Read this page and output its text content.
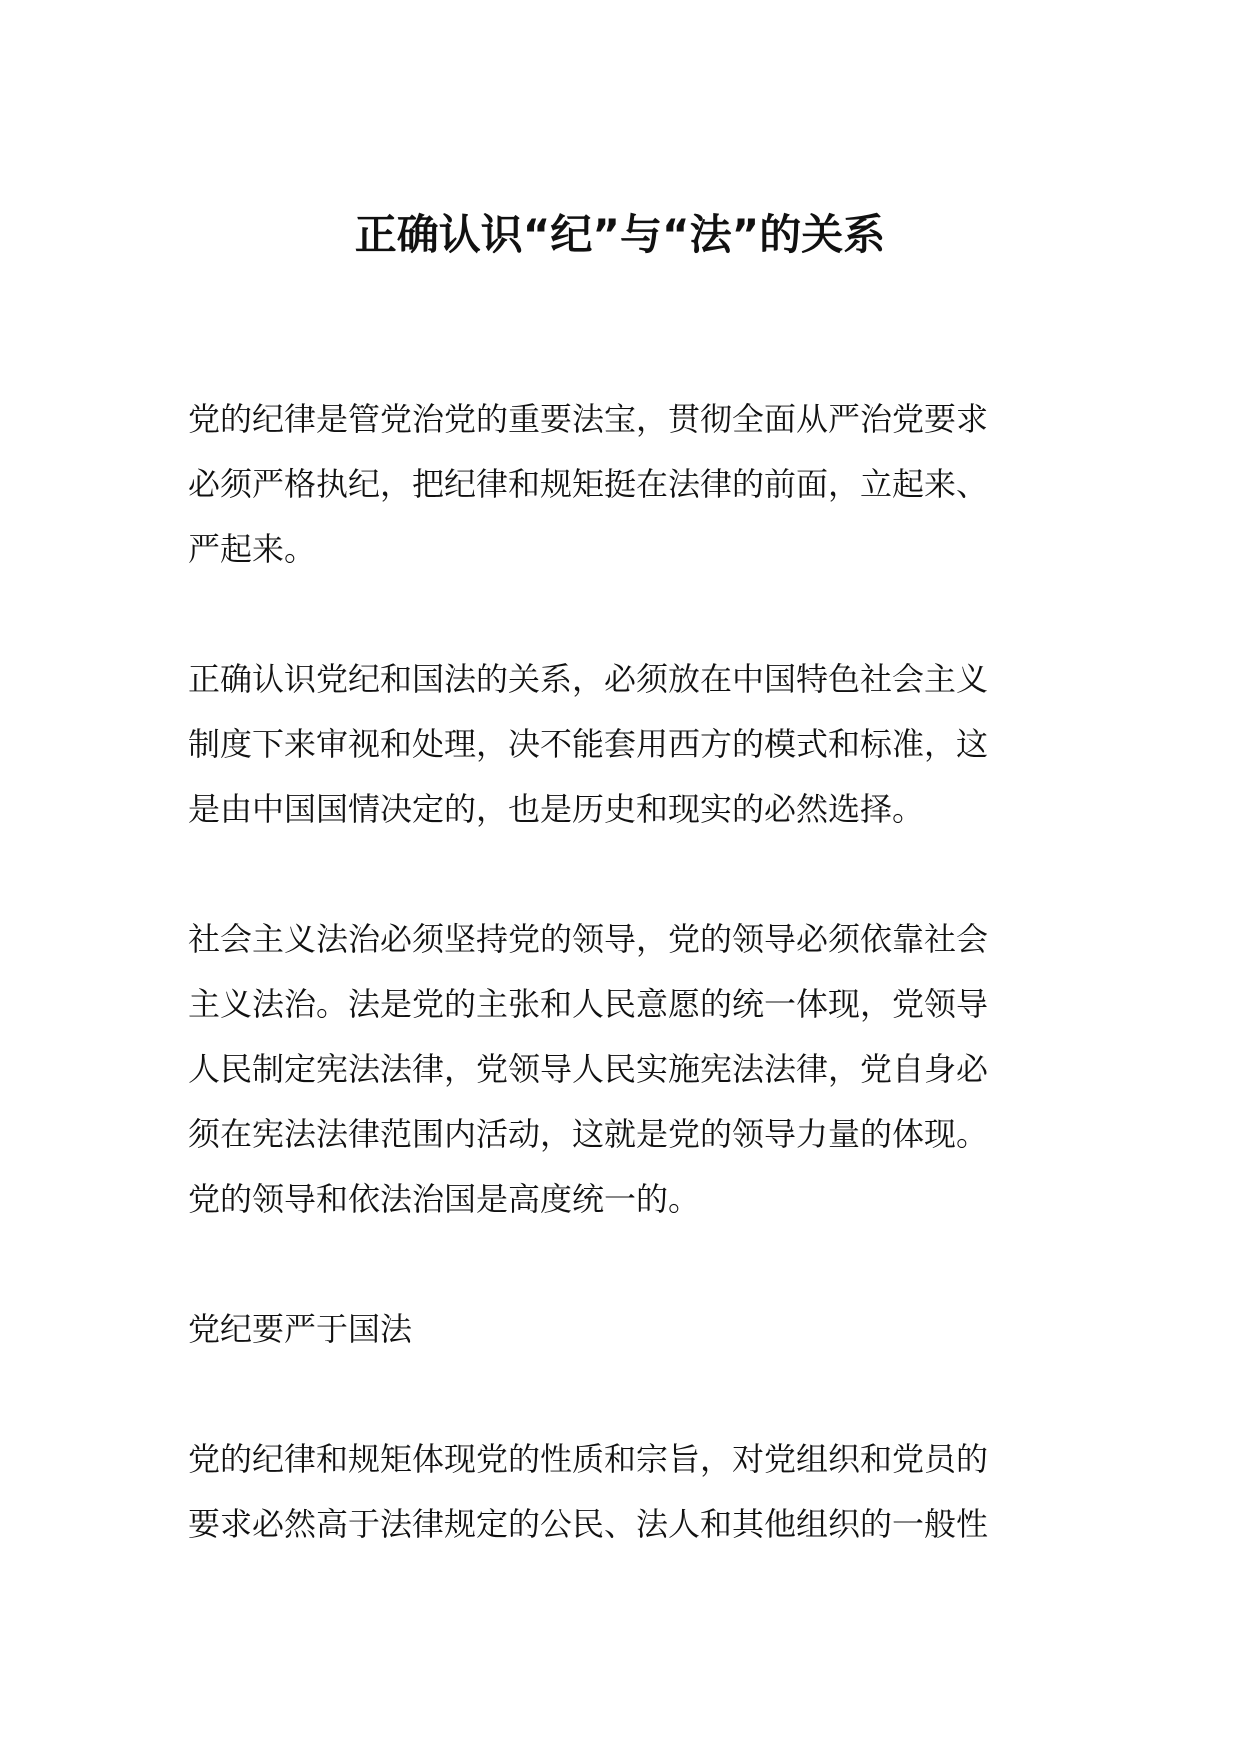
正确认识“纪”与“法”的关系

党的纪律是管党治党的重要法宝，贯彻全面从严治党要求
必须严格执纪，把纪律和规矩挺在法律的前面，立起来、
严起来。

正确认识党纪和国法的关系，必须放在中国特色社会主义
制度下来审视和处理，决不能套用西方的模式和标准，这
是由中国国情决定的，也是历史和现实的必然选择。

社会主义法治必须坚持党的领导，党的领导必须依靠社会
主义法治。法是党的主张和人民意愿的统一体现，党领导
人民制定宪法法律，党领导人民实施宪法法律，党自身必
须在宪法法律范围内活动，这就是党的领导力量的体现。
党的领导和依法治国是高度统一的。

党纪要严于国法

党的纪律和规矩体现党的性质和宗旨，对党组织和党员的
要求必然高于法律规定的公民、法人和其他组织的一般性
